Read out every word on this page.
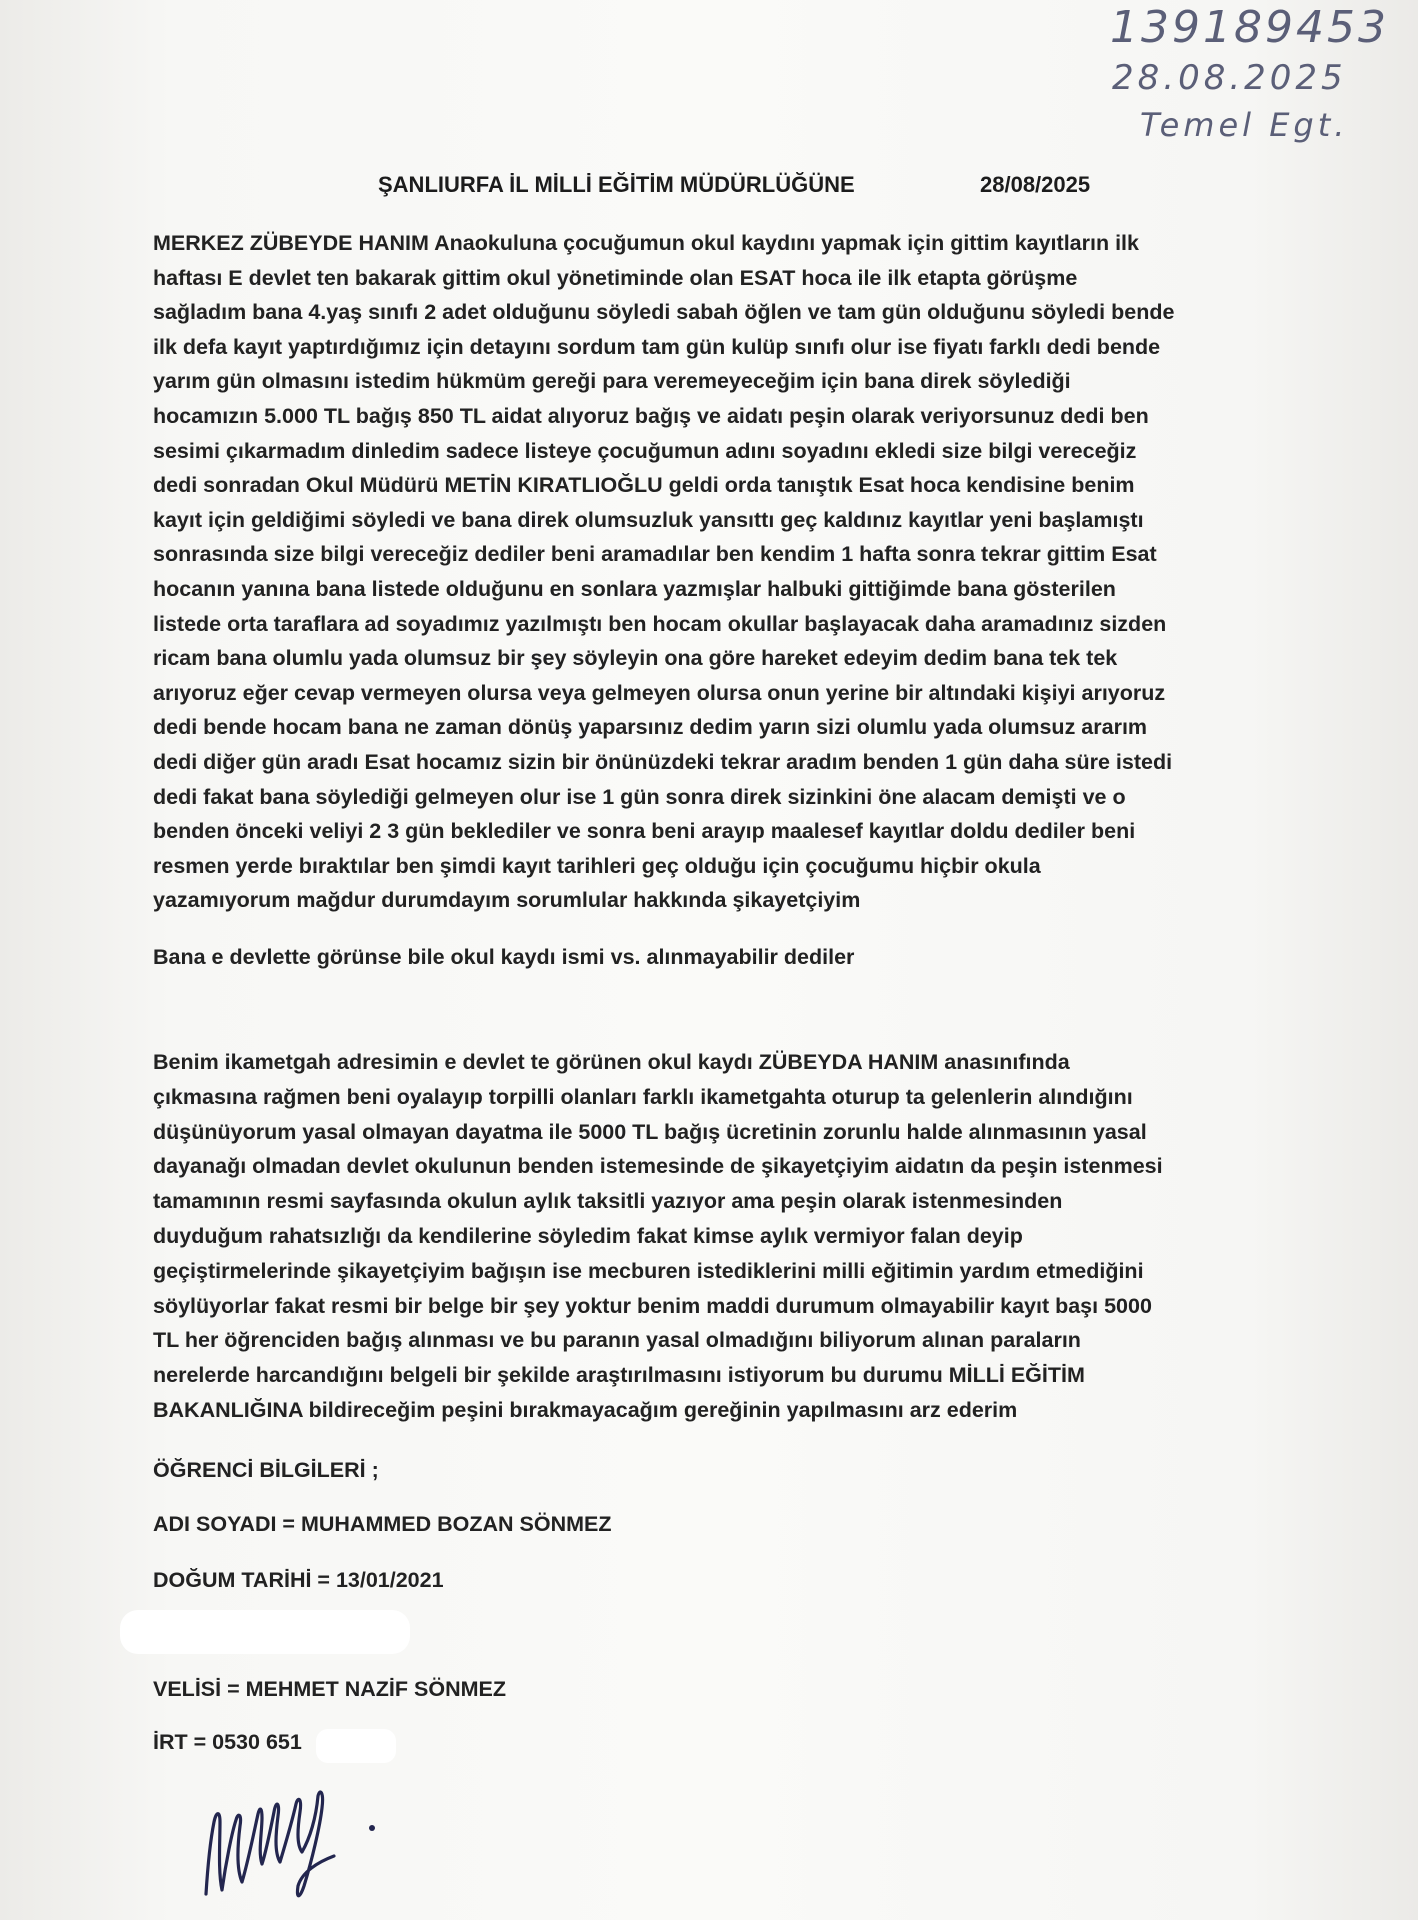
139189453
28.08.2025
Temel Egt.
ŞANLIURFA İL MİLLİ EĞİTİM MÜDÜRLÜĞÜNE	28/08/2025
MERKEZ ZÜBEYDE HANIM Anaokuluna çocuğumun okul kaydını yapmak için gittim kayıtların ilk
haftası E devlet ten bakarak gittim okul yönetiminde olan ESAT hoca ile ilk etapta görüşme
sağladım bana 4.yaş sınıfı 2 adet olduğunu söyledi sabah öğlen ve tam gün olduğunu söyledi bende
ilk defa kayıt yaptırdığımız için detayını sordum tam gün kulüp sınıfı olur ise fiyatı farklı dedi bende
yarım gün olmasını istedim hükmüm gereği para veremeyeceğim için bana direk söylediği
hocamızın 5.000 TL bağış 850 TL aidat alıyoruz bağış ve aidatı peşin olarak veriyorsunuz dedi ben
sesimi çıkarmadım dinledim sadece listeye çocuğumun adını soyadını ekledi size bilgi vereceğiz
dedi sonradan Okul Müdürü METİN KIRATLIOĞLU geldi orda tanıştık Esat hoca kendisine benim
kayıt için geldiğimi söyledi ve bana direk olumsuzluk yansıttı geç kaldınız kayıtlar yeni başlamıştı
sonrasında size bilgi vereceğiz dediler beni aramadılar ben kendim 1 hafta sonra tekrar gittim Esat
hocanın yanına bana listede olduğunu en sonlara yazmışlar halbuki gittiğimde bana gösterilen
listede orta taraflara ad soyadımız yazılmıştı ben hocam okullar başlayacak daha aramadınız sizden
ricam bana olumlu yada olumsuz bir şey söyleyin ona göre hareket edeyim dedim bana tek tek
arıyoruz eğer cevap vermeyen olursa veya gelmeyen olursa onun yerine bir altındaki kişiyi arıyoruz
dedi bende hocam bana ne zaman dönüş yaparsınız dedim yarın sizi olumlu yada olumsuz ararım
dedi diğer gün aradı Esat hocamız sizin bir önünüzdeki tekrar aradım benden 1 gün daha süre istedi
dedi fakat bana söylediği gelmeyen olur ise 1 gün sonra direk sizinkini öne alacam demişti ve o
benden önceki veliyi 2 3 gün beklediler ve sonra beni arayıp maalesef kayıtlar doldu dediler beni
resmen yerde bıraktılar ben şimdi kayıt tarihleri geç olduğu için çocuğumu hiçbir okula
yazamıyorum mağdur durumdayım sorumlular hakkında şikayetçiyim
Bana e devlette görünse bile okul kaydı ismi vs. alınmayabilir dediler
Benim ikametgah adresimin e devlet te görünen okul kaydı ZÜBEYDA HANIM anasınıfında
çıkmasına rağmen beni oyalayıp torpilli olanları farklı ikametgahta oturup ta gelenlerin alındığını
düşünüyorum yasal olmayan dayatma ile 5000 TL bağış ücretinin zorunlu halde alınmasının yasal
dayanağı olmadan devlet okulunun benden istemesinde de şikayetçiyim aidatın da peşin istenmesi
tamamının resmi sayfasında okulun aylık taksitli yazıyor ama peşin olarak istenmesinden
duyduğum rahatsızlığı da kendilerine söyledim fakat kimse aylık vermiyor falan deyip
geçiştirmelerinde şikayetçiyim bağışın ise mecburen istediklerini milli eğitimin yardım etmediğini
söylüyorlar fakat resmi bir belge bir şey yoktur benim maddi durumum olmayabilir kayıt başı 5000
TL her öğrenciden bağış alınması ve bu paranın yasal olmadığını biliyorum alınan paraların
nerelerde harcandığını belgeli bir şekilde araştırılmasını istiyorum bu durumu MİLLİ EĞİTİM
BAKANLIĞINA bildireceğim peşini bırakmayacağım gereğinin yapılmasını arz ederim
ÖĞRENCİ BİLGİLERİ ;
ADI SOYADI = MUHAMMED BOZAN SÖNMEZ
DOĞUM TARİHİ = 13/01/2021
VELİSİ = MEHMET NAZİF SÖNMEZ
İRT = 0530 651
